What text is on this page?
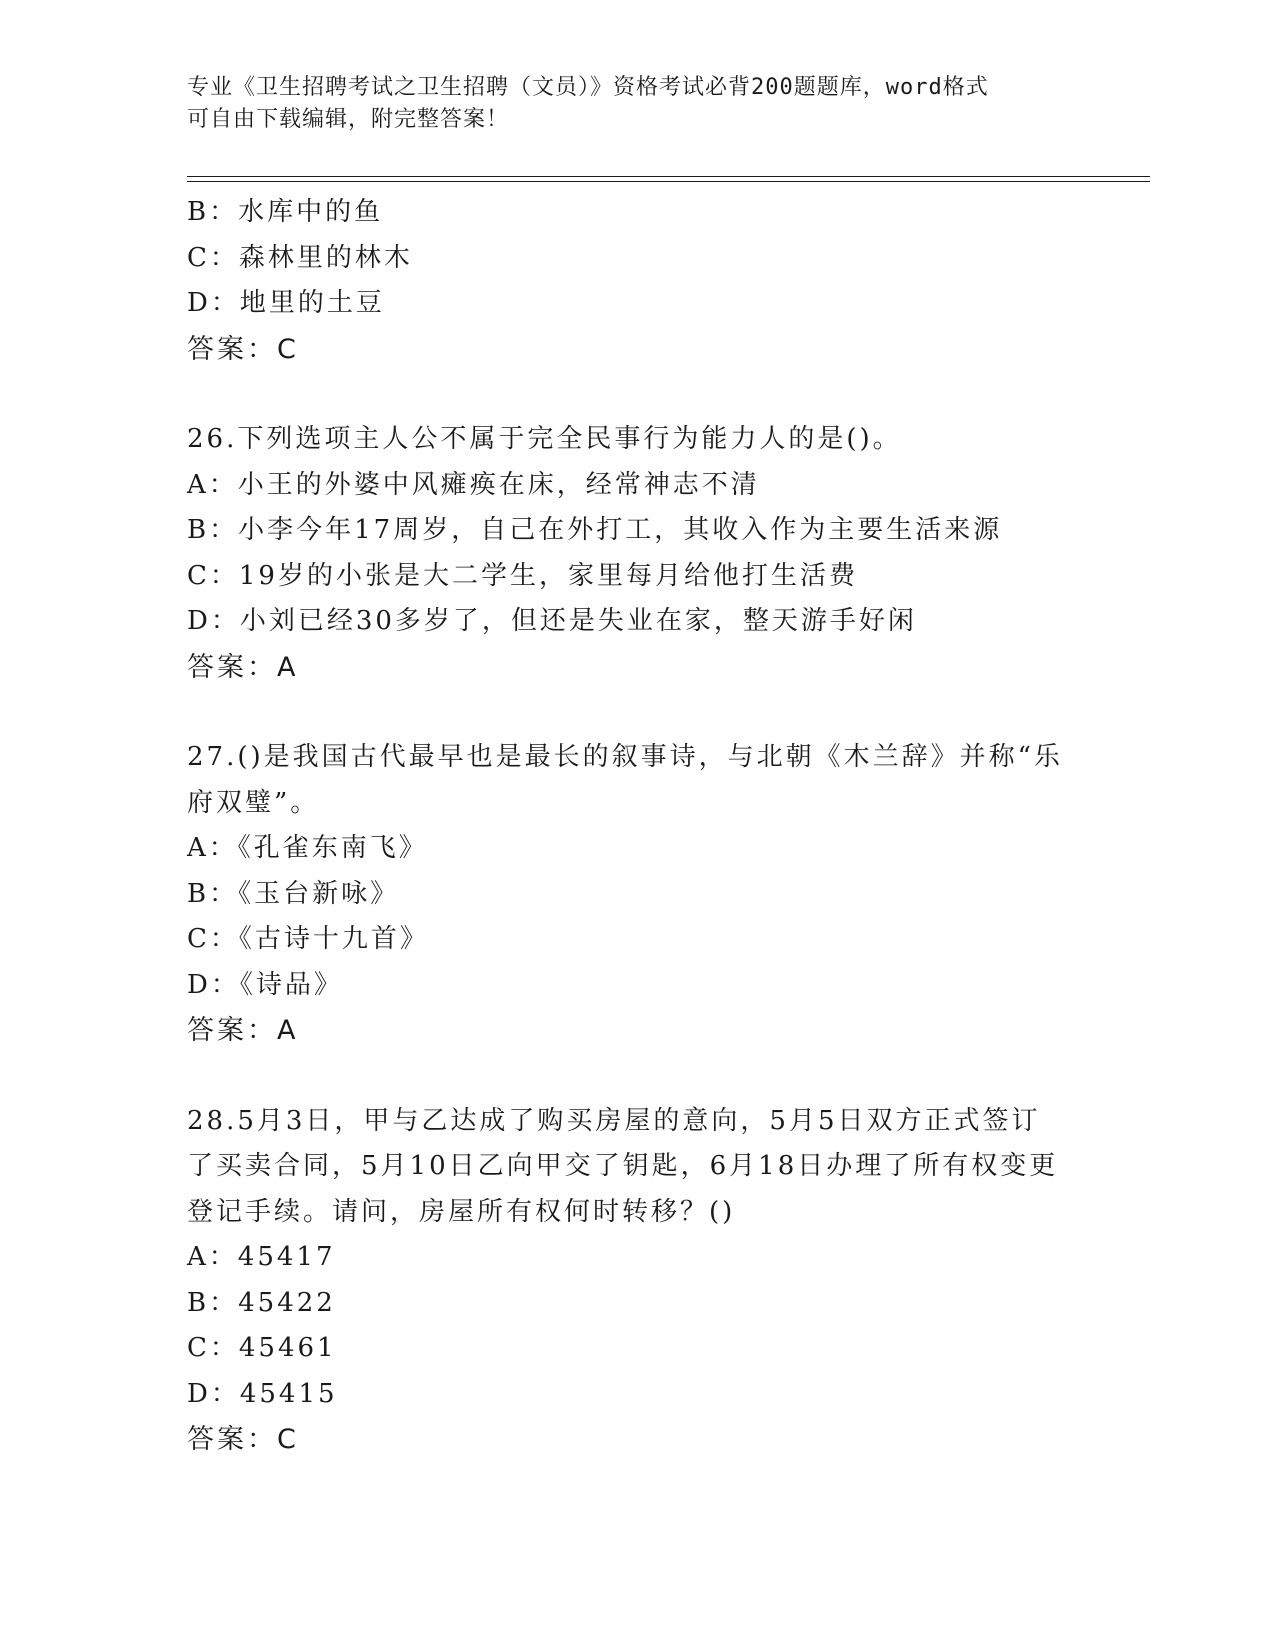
专业《卫生招聘考试之卫生招聘（文员）》资格考试必背200题题库，word格式
可自由下载编辑，附完整答案！
B：水库中的鱼
C：森林里的林木
D：地里的土豆
答案：C
26.下列选项主人公不属于完全民事行为能力人的是()。
A：小王的外婆中风瘫痪在床，经常神志不清
B：小李今年17周岁，自己在外打工，其收入作为主要生活来源
C：19岁的小张是大二学生，家里每月给他打生活费
D：小刘已经30多岁了，但还是失业在家，整天游手好闲
答案：A
27.()是我国古代最早也是最长的叙事诗，与北朝《木兰辞》并称“乐
府双璧”。
A：《孔雀东南飞》
B：《玉台新咏》
C：《古诗十九首》
D：《诗品》
答案：A
28.5月3日，甲与乙达成了购买房屋的意向，5月5日双方正式签订
了买卖合同，5月10日乙向甲交了钥匙，6月18日办理了所有权变更
登记手续。请问，房屋所有权何时转移？()
A：45417
B：45422
C：45461
D：45415
答案：C
